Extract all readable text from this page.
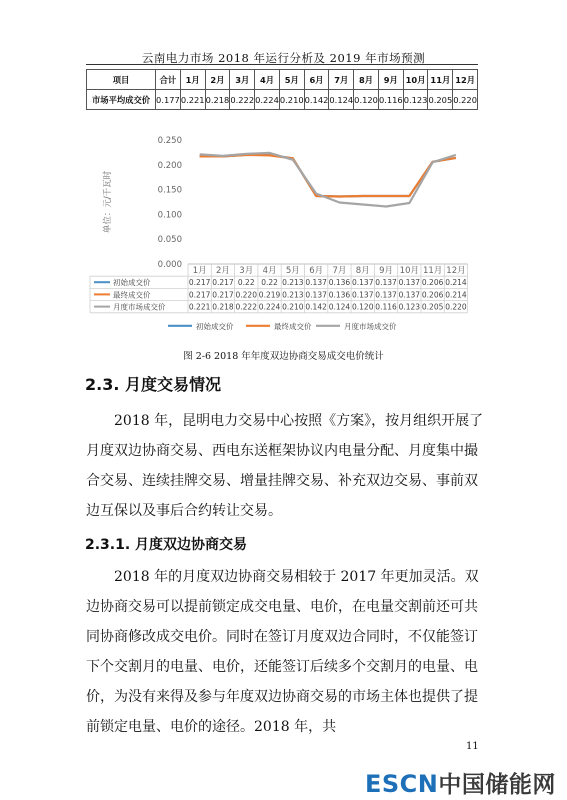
云南电力市场 2018 年运行分析及 2019 年市场预测
项目	合计	1月	2月	3月	4月	5月	6月	7月	8月	9月	10月	11月	12月
市场平均成交价	0.177	0.221	0.218	0.222	0.224	0.210	0.142	0.124	0.120	0.116	0.123	0.205	0.220
0.000
0.050
0.100
0.150
0.200
0.250
单位：元/千瓦时
1月 2月 3月 4月 5月 6月 7月 8月 9月 10月 11月 12月
初始成交价	0.217 0.217 0.22 0.22 0.213 0.137 0.136 0.137 0.137 0.137 0.206 0.214
最终成交价	0.217 0.217 0.220 0.219 0.213 0.137 0.136 0.137 0.137 0.137 0.206 0.214
月度市场成交价	0.221 0.218 0.222 0.224 0.210 0.142 0.124 0.120 0.116 0.123 0.205 0.220
初始成交价	最终成交价	月度市场成交价
图 2-6 2018 年年度双边协商交易成交电价统计
2.3. 月度交易情况
2018 年，昆明电力交易中心按照《方案》，按月组织开展了月度双边协商交易、西电东送框架协议内电量分配、月度集中撮合交易、连续挂牌交易、增量挂牌交易、补充双边交易、事前双边互保以及事后合约转让交易。
2.3.1. 月度双边协商交易
2018 年的月度双边协商交易相较于 2017 年更加灵活。双边协商交易可以提前锁定成交电量、电价，在电量交割前还可共同协商修改成交电价。同时在签订月度双边合同时，不仅能签订下个交割月的电量、电价，还能签订后续多个交割月的电量、电价，为没有来得及参与年度双边协商交易的市场主体也提供了提前锁定电量、电价的途径。2018 年，共
11
ESCN中国储能网
